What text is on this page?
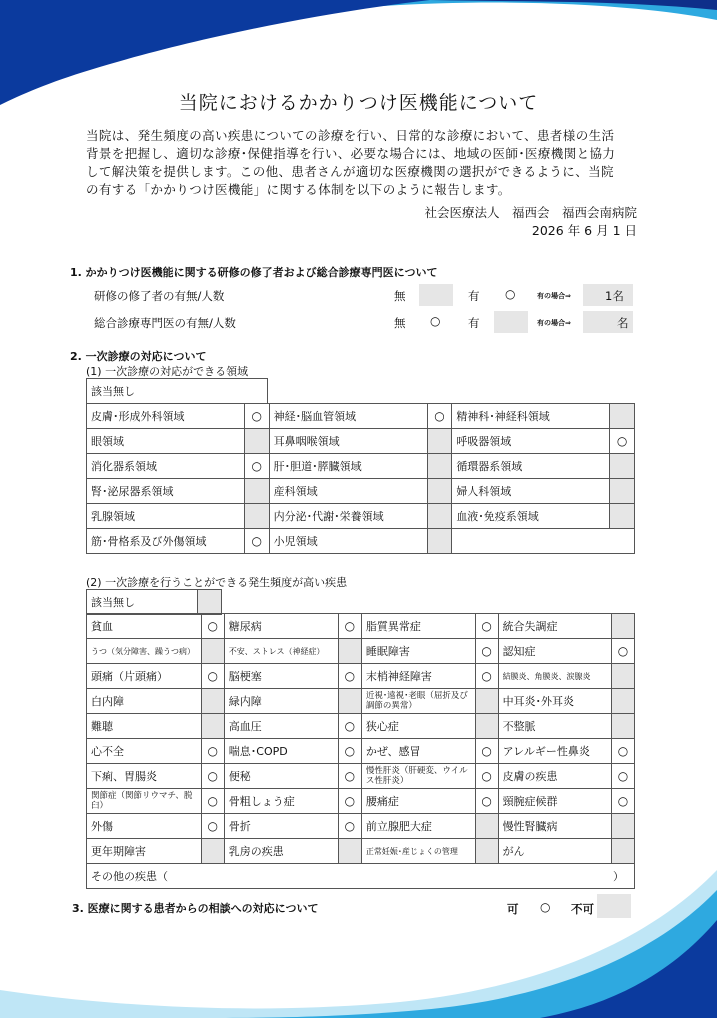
当院におけるかかりつけ医機能について

当院は、発生頻度の高い疾患についての診療を行い、日常的な診療において、患者様の生活

背景を把握し、適切な診療･保健指導を行い、必要な場合には、地域の医師･医療機関と協力

して解決策を提供します。この他、患者さんが適切な医療機関の選択ができるように、当院

の有する「かかりつけ医機能」に関する体制を以下のように報告します。

社会医療法人　福西会　福西会南病院
2026 年 6 月 1 日
1. かかりつけ医機能に関する研修の修了者および総合診療専門医について
研修の修了者の有無/人数	無	有 ○	有の場合⇒	1名
総合診療専門医の有無/人数	無 ○ 有	有の場合⇒	名
2. 一次診療の対応について
(1) 一次診療の対応ができる領域
該当無し
皮膚･形成外科領域	○	神経･脳血管領域	○	精神科･神経科領域	
眼領域		耳鼻咽喉領域		呼吸器領域	○
消化器系領域	○	肝･胆道･膵臓領域		循環器系領域	
腎･泌尿器系領域		産科領域		婦人科領域	
乳腺領域		内分泌･代謝･栄養領域		血液･免疫系領域	
筋･骨格系及び外傷領域	○	小児領域			
(2) 一次診療を行うことができる発生頻度が高い疾患
該当無し	
貧血	○	糖尿病	○	脂質異常症	○	統合失調症	
うつ（気分障害、躁うつ病）		不安、ストレス（神経症）		睡眠障害	○	認知症	○
頭痛（片頭痛）	○	脳梗塞	○	末梢神経障害	○	結膜炎、角膜炎、涙腺炎	
白内障		緑内障		近視･遠視･老眼（屈折及び調節の異常）		中耳炎･外耳炎	
難聴		高血圧	○	狭心症		不整脈	
心不全	○	喘息･COPD	○	かぜ、感冒	○	アレルギー性鼻炎	○
下痢、胃腸炎	○	便秘	○	慢性肝炎（肝硬変、ウイルス性肝炎）	○	皮膚の疾患	○
関節症（関節リウマチ、脱臼）	○	骨粗しょう症	○	腰痛症	○	頸腕症候群	○
外傷	○	骨折	○	前立腺肥大症		慢性腎臓病	
更年期障害		乳房の疾患		正常妊娠･産じょくの管理		がん	
その他の疾患（ ）							
3. 医療に関する患者からの相談への対応について	可 ○ 不可
